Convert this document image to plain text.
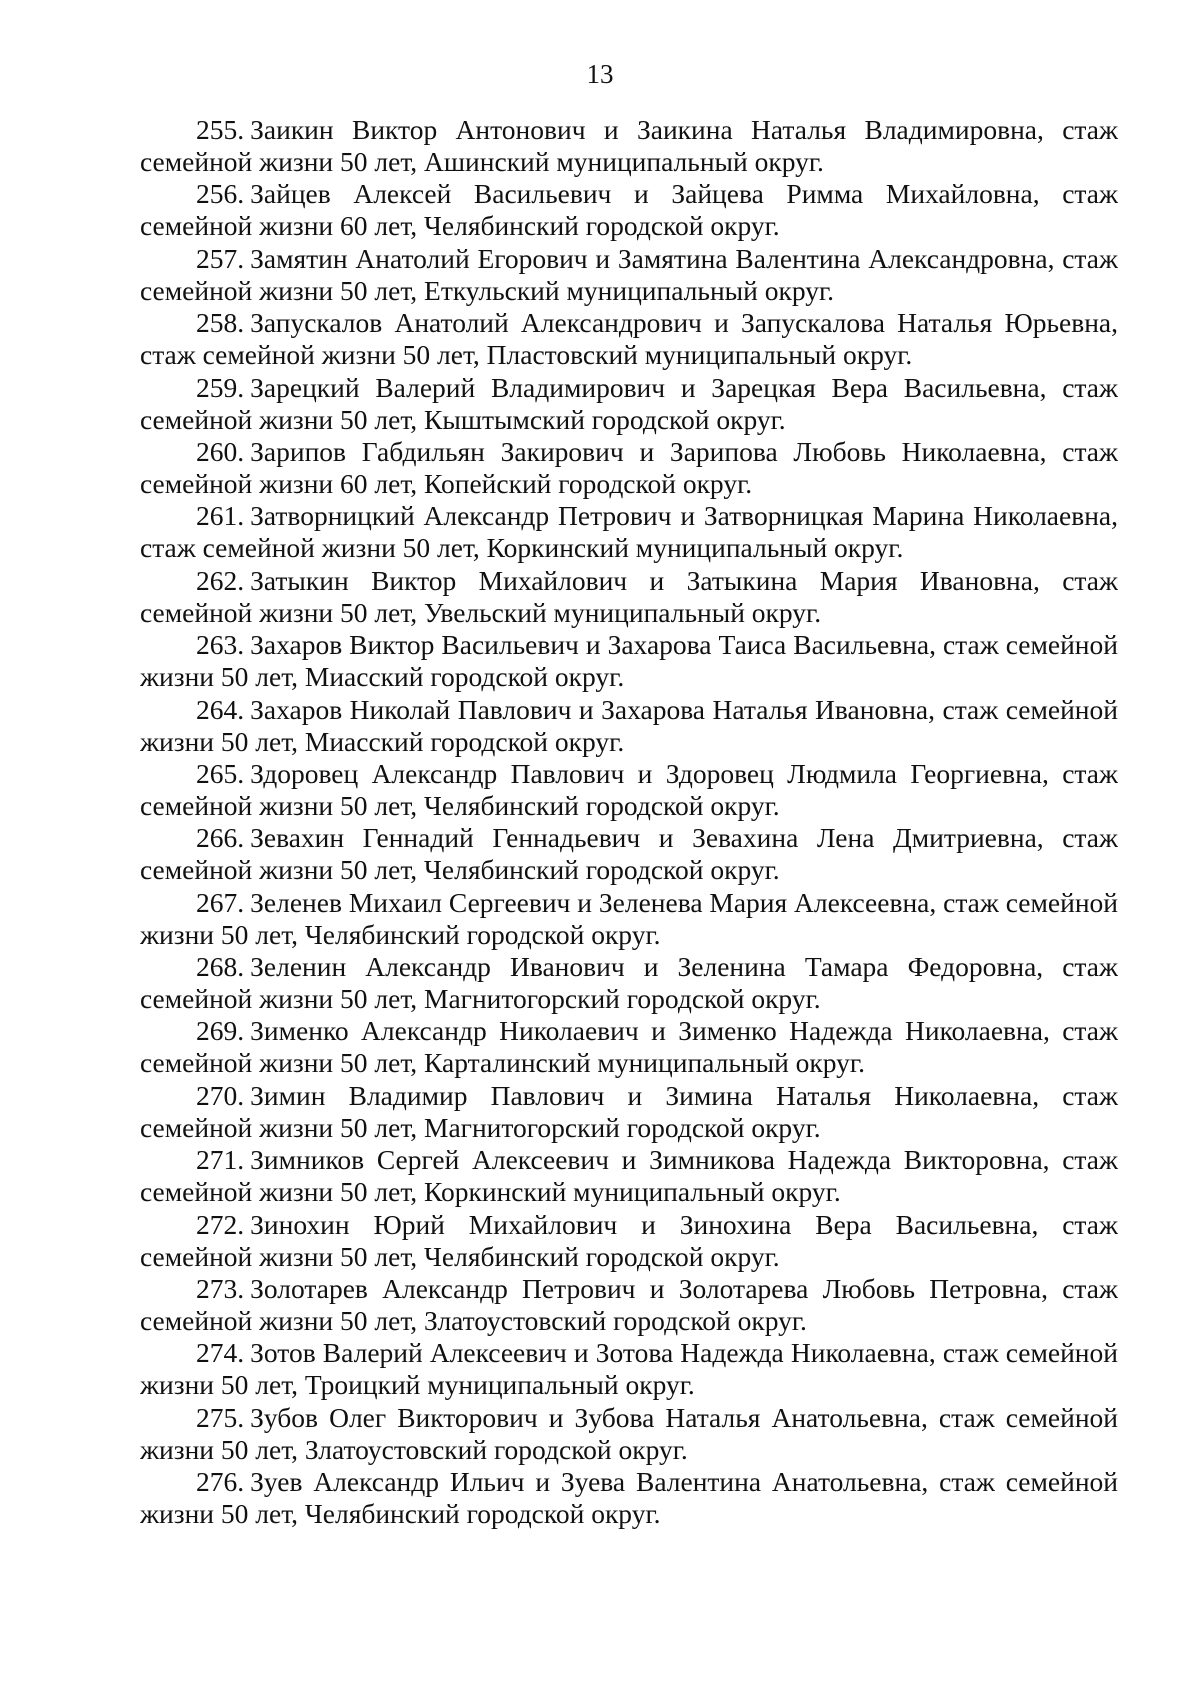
13

255. Заикин Виктор Антонович и Заикина Наталья Владимировна, стаж семейной жизни 50 лет, Ашинский муниципальный округ.

256. Зайцев Алексей Васильевич и Зайцева Римма Михайловна, стаж семейной жизни 60 лет, Челябинский городской округ.

257. Замятин Анатолий Егорович и Замятина Валентина Александровна, стаж семейной жизни 50 лет, Еткульский муниципальный округ.

258. Запускалов Анатолий Александрович и Запускалова Наталья Юрьевна, стаж семейной жизни 50 лет, Пластовский муниципальный округ.

259. Зарецкий Валерий Владимирович и Зарецкая Вера Васильевна, стаж семейной жизни 50 лет, Кыштымский городской округ.

260. Зарипов Габдильян Закирович и Зарипова Любовь Николаевна, стаж семейной жизни 60 лет, Копейский городской округ.

261. Затворницкий Александр Петрович и Затворницкая Марина Николаевна, стаж семейной жизни 50 лет, Коркинский муниципальный округ.

262. Затыкин Виктор Михайлович и Затыкина Мария Ивановна, стаж семейной жизни 50 лет, Увельский муниципальный округ.

263. Захаров Виктор Васильевич и Захарова Таиса Васильевна, стаж семейной жизни 50 лет, Миасский городской округ.

264. Захаров Николай Павлович и Захарова Наталья Ивановна, стаж семейной жизни 50 лет, Миасский городской округ.

265. Здоровец Александр Павлович и Здоровец Людмила Георгиевна, стаж семейной жизни 50 лет, Челябинский городской округ.

266. Зевахин Геннадий Геннадьевич и Зевахина Лена Дмитриевна, стаж семейной жизни 50 лет, Челябинский городской округ.

267. Зеленев Михаил Сергеевич и Зеленева Мария Алексеевна, стаж семейной жизни 50 лет, Челябинский городской округ.

268. Зеленин Александр Иванович и Зеленина Тамара Федоровна, стаж семейной жизни 50 лет, Магнитогорский городской округ.

269. Зименко Александр Николаевич и Зименко Надежда Николаевна, стаж семейной жизни 50 лет, Карталинский муниципальный округ.

270. Зимин Владимир Павлович и Зимина Наталья Николаевна, стаж семейной жизни 50 лет, Магнитогорский городской округ.

271. Зимников Сергей Алексеевич и Зимникова Надежда Викторовна, стаж семейной жизни 50 лет, Коркинский муниципальный округ.

272. Зинохин Юрий Михайлович и Зинохина Вера Васильевна, стаж семейной жизни 50 лет, Челябинский городской округ.

273. Золотарев Александр Петрович и Золотарева Любовь Петровна, стаж семейной жизни 50 лет, Златоустовский городской округ.

274. Зотов Валерий Алексеевич и Зотова Надежда Николаевна, стаж семейной жизни 50 лет, Троицкий муниципальный округ.

275. Зубов Олег Викторович и Зубова Наталья Анатольевна, стаж семейной жизни 50 лет, Златоустовский городской округ.

276. Зуев Александр Ильич и Зуева Валентина Анатольевна, стаж семейной жизни 50 лет, Челябинский городской округ.
